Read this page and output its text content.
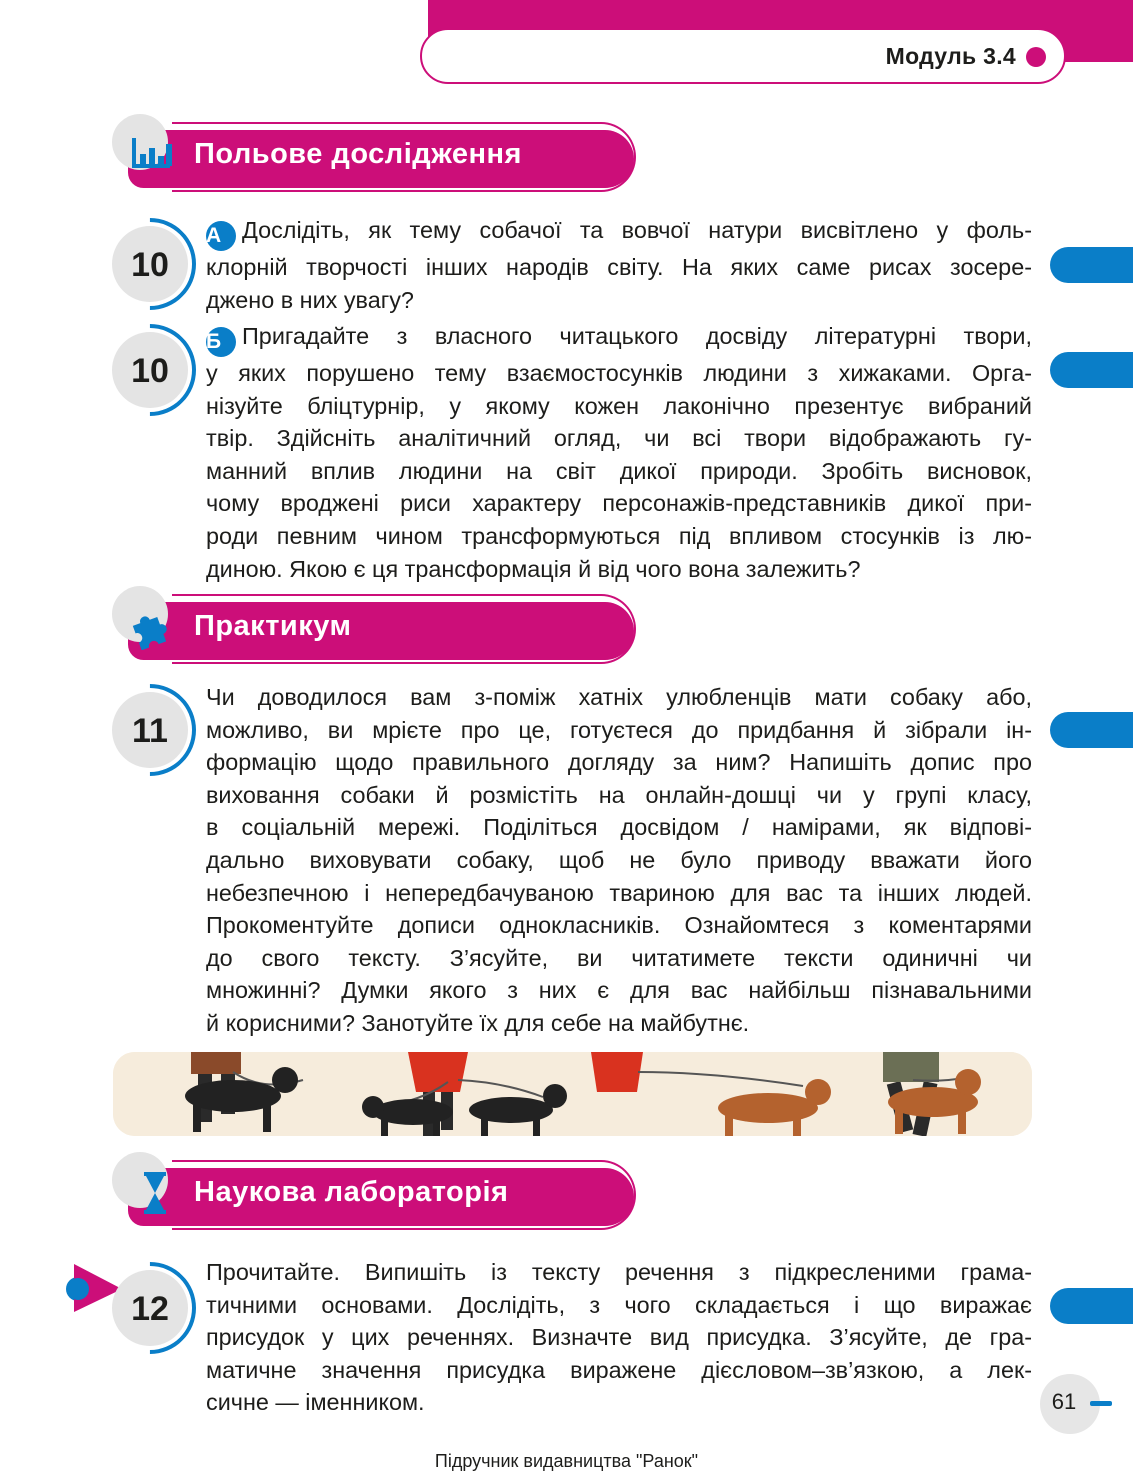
Модуль 3.4
Польове дослідження
10
А Дослідіть, як тему собачої та вовчої натури висвітлено у фоль-
клорній творчості інших народів світу. На яких саме рисах зосере-
джено в них увагу?
10
Б Пригадайте з власного читацького досвіду літературні твори,
у яких порушено тему взаємостосунків людини з хижаками. Орга-
нізуйте бліцтурнір, у якому кожен лаконічно презентує вибраний
твір. Здійсніть аналітичний огляд, чи всі твори відображають гу-
манний вплив людини на світ дикої природи. Зробіть висновок,
чому вроджені риси характеру персонажів-представників дикої при-
роди певним чином трансформуються під впливом стосунків із лю-
диною. Якою є ця трансформація й від чого вона залежить?
Практикум
11
Чи доводилося вам з-поміж хатніх улюбленців мати собаку або,
можливо, ви мрієте про це, готуєтеся до придбання й зібрали ін-
формацію щодо правильного догляду за ним? Напишіть допис про
виховання собаки й розмістіть на онлайн-дошці чи у групі класу,
в соціальній мережі. Поділіться досвідом / намірами, як відпові-
дально виховувати собаку, щоб не було приводу вважати його
небезпечною і непередбачуваною твариною для вас та інших людей.
Прокоментуйте дописи однокласників. Ознайомтеся з коментарями
до свого тексту. З’ясуйте, ви читатимете тексти одиничні чи
множинні? Думки якого з них є для вас найбільш пізнавальними
й корисними? Занотуйте їх для себе на майбутнє.
Наукова лабораторія
12
Прочитайте. Випишіть із тексту речення з підкресленими грама-
тичними основами. Дослідіть, з чого складається і що виражає
присудок у цих реченнях. Визначте вид присудка. З’ясуйте, де гра-
матичне значення присудка виражене дієсловом–зв’язкою, а лек-
сичне — іменником.	61
Підручник видавництва "Ранок"
